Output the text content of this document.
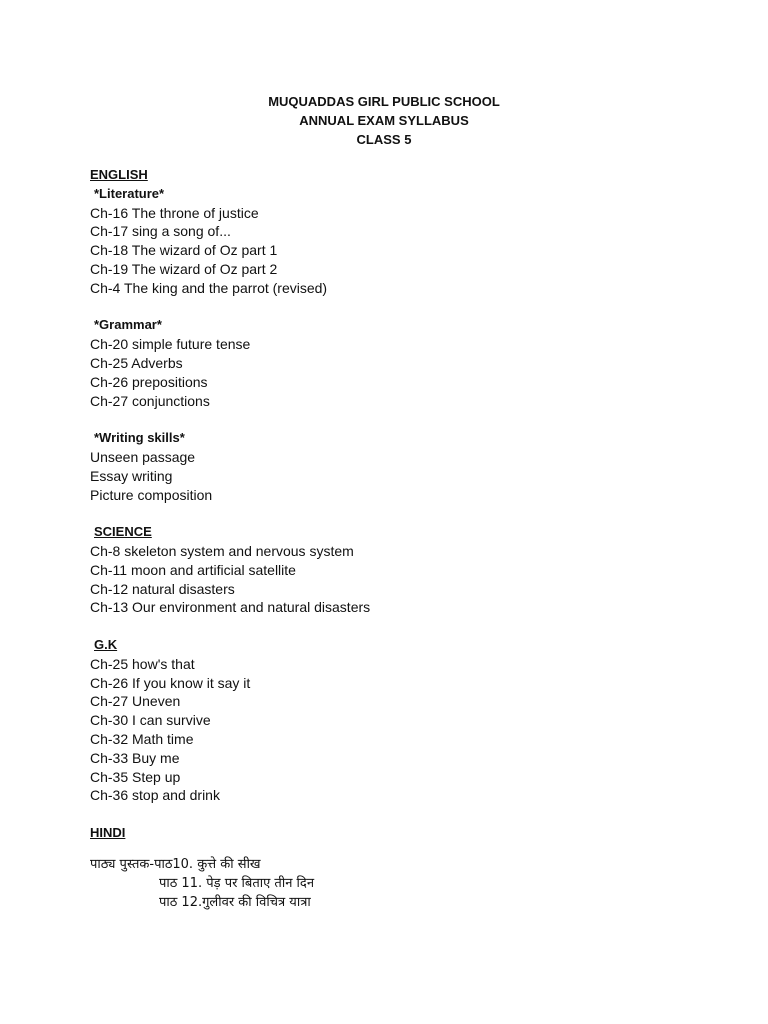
MUQUADDAS GIRL PUBLIC SCHOOL
ANNUAL EXAM SYLLABUS
CLASS 5
ENGLISH
*Literature*
Ch-16 The throne of justice
Ch-17 sing a song of...
Ch-18 The wizard of Oz part 1
Ch-19 The wizard of Oz part 2
Ch-4 The king and the parrot (revised)
*Grammar*
Ch-20 simple future tense
Ch-25 Adverbs
Ch-26 prepositions
Ch-27 conjunctions
*Writing skills*
Unseen passage
Essay writing
Picture composition
SCIENCE
Ch-8 skeleton system and nervous system
Ch-11 moon and artificial satellite
Ch-12 natural disasters
Ch-13 Our environment and natural disasters
G.K
Ch-25 how's that
Ch-26 If you know it say it
Ch-27 Uneven
Ch-30 I can survive
Ch-32 Math time
Ch-33 Buy me
Ch-35 Step up
Ch-36 stop and drink
HINDI
पाठ्य पुस्तक-पाठ10. कुत्ते की सीख
पाठ 11. पेड़ पर बिताए तीन दिन
पाठ 12.गुलीवर की विचित्र यात्रा
